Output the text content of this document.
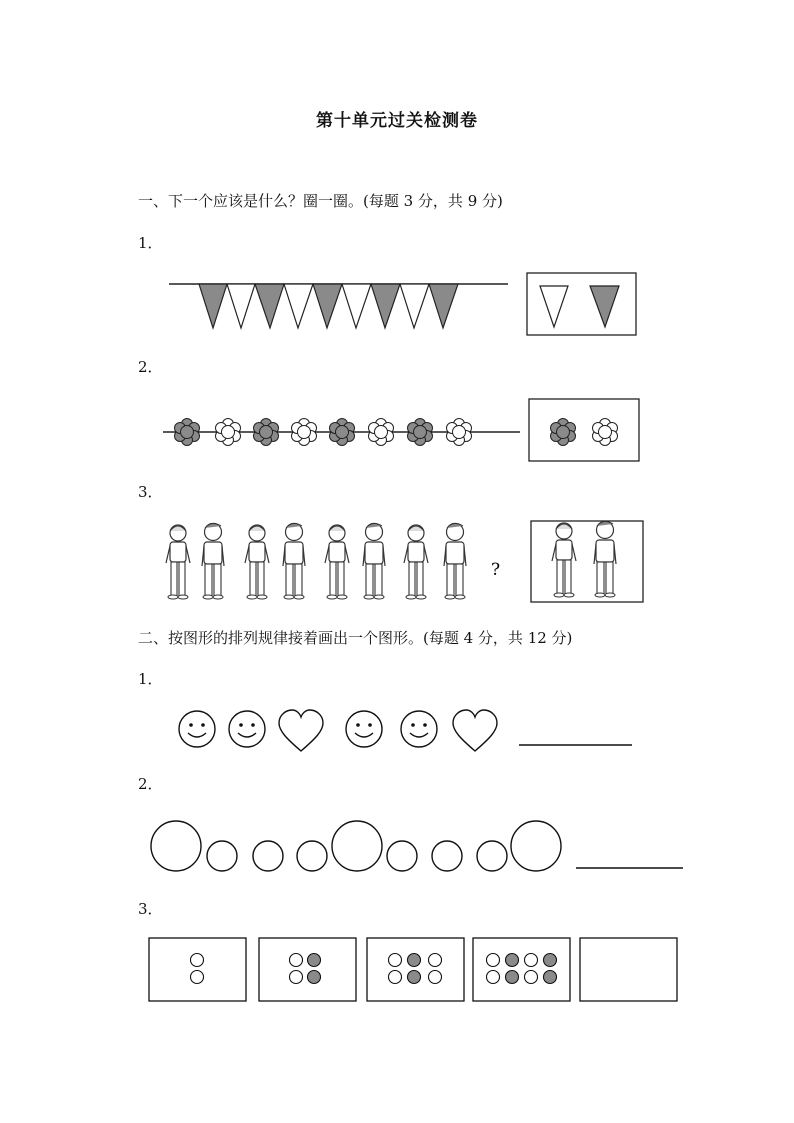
第十单元过关检测卷
一、下一个应该是什么？圈一圈。(每题 3 分，共 9 分)
1．
2．
3．
二、按图形的排列规律接着画出一个图形。(每题 4 分，共 12 分)
1．
2．
3．
?
